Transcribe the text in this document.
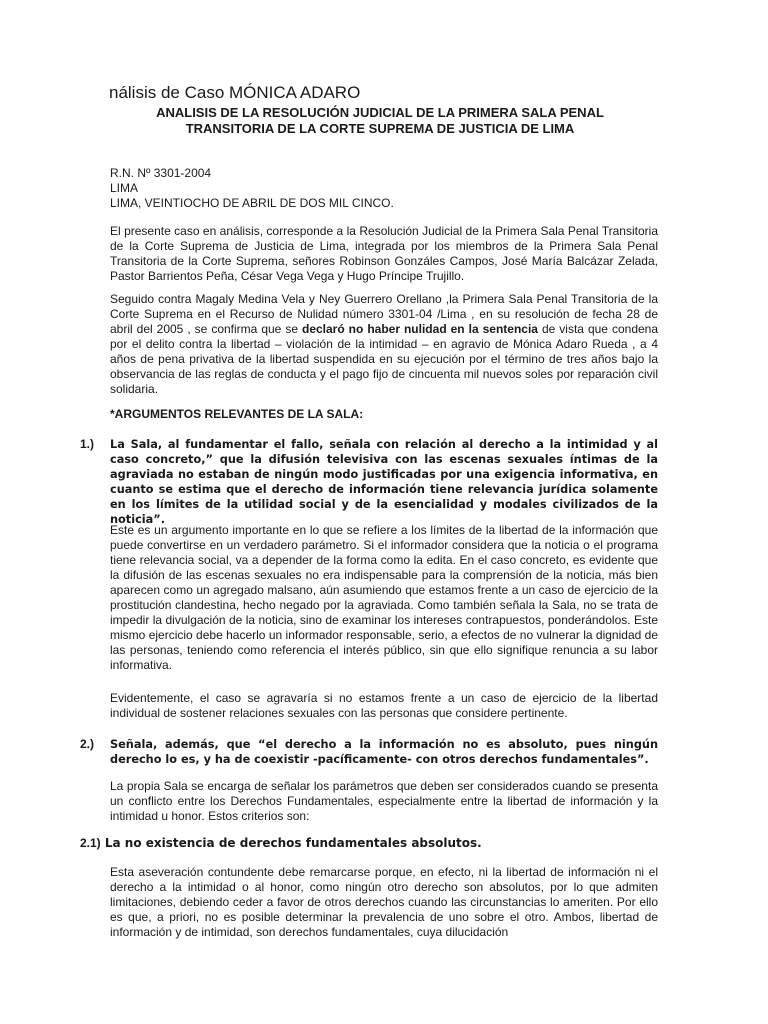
nálisis de Caso MÓNICA ADARO
ANALISIS DE LA RESOLUCIÓN JUDICIAL DE LA PRIMERA SALA PENAL
TRANSITORIA DE LA CORTE SUPREMA DE JUSTICIA DE LIMA
R.N. Nº 3301-2004
LIMA
LIMA, VEINTIOCHO DE ABRIL DE DOS MIL CINCO.

El presente caso en análisis, corresponde a la Resolución Judicial de la Primera Sala Penal Transitoria de la Corte Suprema de Justicia de Lima, integrada por los miembros de la Primera Sala Penal Transitoria de la Corte Suprema, señores Robinson Gonzáles Campos, José María Balcázar Zelada, Pastor Barrientos Peña, César Vega Vega y Hugo Príncipe Trujillo.

Seguido contra Magaly Medina Vela y Ney Guerrero Orellano ,la Primera Sala Penal Transitoria de la Corte Suprema en el Recurso de Nulidad número 3301-04 /Lima , en su resolución de fecha 28 de abril del 2005 , se confirma que se declaró no haber nulidad en la sentencia de vista que condena por el delito contra la libertad – violación de la intimidad – en agravio de Mónica Adaro Rueda , a 4 años de pena privativa de la libertad suspendida en su ejecución por el término de tres años bajo la observancia de las reglas de conducta y el pago fijo de cincuenta mil nuevos soles por reparación civil solidaria.

*ARGUMENTOS RELEVANTES DE LA SALA:
1.) La Sala, al fundamentar el fallo, señala con relación al derecho a la intimidad y al caso concreto,” que la difusión televisiva con las escenas sexuales íntimas de la agraviada no estaban de ningún modo justificadas por una exigencia informativa, en cuanto se estima que el derecho de información tiene relevancia jurídica solamente en los límites de la utilidad social y de la esencialidad y modales civilizados de la noticia”.

Este es un argumento importante en lo que se refiere a los límites de la libertad de la información que puede convertirse en un verdadero parámetro. Si el informador considera que la noticia o el programa tiene relevancia social, va a depender de la forma como la edita. En el caso concreto, es evidente que la difusión de las escenas sexuales no era indispensable para la comprensión de la noticia, más bien aparecen como un agregado malsano, aún asumiendo que estamos frente a un caso de ejercicio de la prostitución clandestina, hecho negado por la agraviada. Como también señala la Sala, no se trata de impedir la divulgación de la noticia, sino de examinar los intereses contrapuestos, ponderándolos. Este mismo ejercicio debe hacerlo un informador responsable, serio, a efectos de no vulnerar la dignidad de las personas, teniendo como referencia el interés público, sin que ello signifique renuncia a su labor informativa.

Evidentemente, el caso se agravaría si no estamos frente a un caso de ejercicio de la libertad individual de sostener relaciones sexuales con las personas que considere pertinente.

2.) Señala, además, que “el derecho a la información no es absoluto, pues ningún derecho lo es, y ha de coexistir -pacíficamente- con otros derechos fundamentales”.

La propia Sala se encarga de señalar los parámetros que deben ser considerados cuando se presenta un conflicto entre los Derechos Fundamentales, especialmente entre la libertad de información y la intimidad u honor. Estos criterios son:

2.1) La no existencia de derechos fundamentales absolutos.

Esta aseveración contundente debe remarcarse porque, en efecto, ni la libertad de información ni el derecho a la intimidad o al honor, como ningún otro derecho son absolutos, por lo que admiten limitaciones, debiendo ceder a favor de otros derechos cuando las circunstancias lo ameriten. Por ello es que, a priori, no es posible determinar la prevalencia de uno sobre el otro. Ambos, libertad de información y de intimidad, son derechos fundamentales, cuya dilucidación
